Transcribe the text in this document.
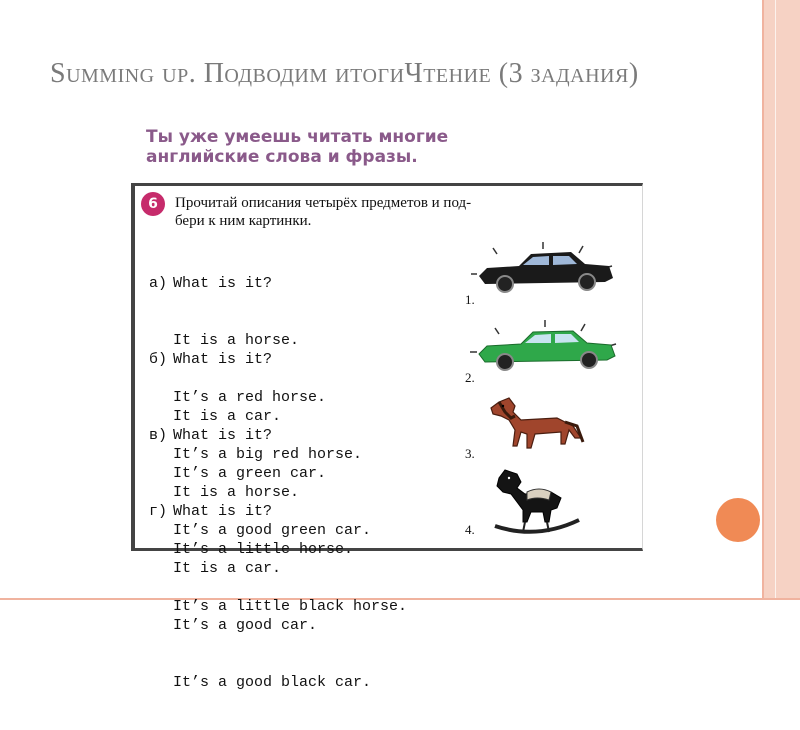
Summing up. Подводим итогиЧтение (3 задания)
Ты уже умеешь читать многие
английские слова и фразы.
6	Прочитай описания четырёх предметов и под-
бери к ним картинки.

а) What is it?

It is a horse.

It’s a red horse.

It’s a big red horse.

б) What is it?

It is a car.

It’s a green car.

It’s a good green car.

в) What is it?

It is a horse.

It’s a little horse.

It’s a little black horse.

г) What is it?

It is a car.

It’s a good car.

It’s a good black car.

1.
2.
3.
4.
